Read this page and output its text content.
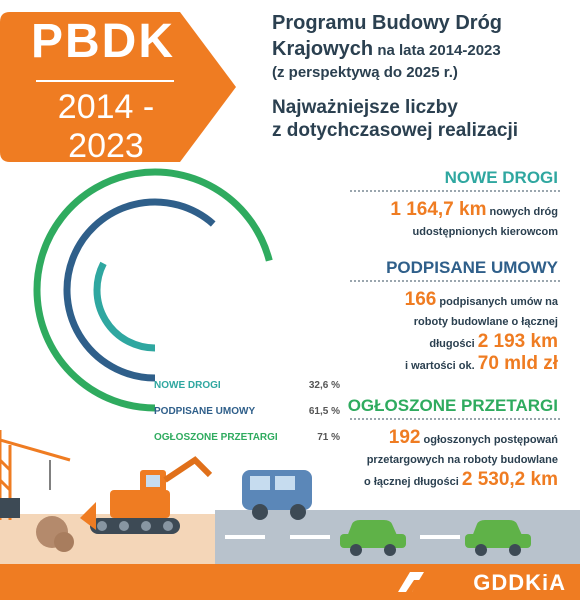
PBDK
2014 - 2023
Programu Budowy Dróg
Krajowych na lata 2014-2023
(z perspektywą do 2025 r.)
Najważniejsze liczby
z dotychczasowej realizacji
NOWE DROGI
1 164,7 km nowych dróg
udostępnionych kierowcom
PODPISANE UMOWY
166 podpisanych umów na
roboty budowlane o łącznej
długości 2 193 km
i wartości ok. 70 mld zł
OGŁOSZONE PRZETARGI
192 ogłoszonych postępowań
przetargowych na roboty budowlane
o łącznej długości 2 530,2 km
NOWE DROGI	32,6 %
PODPISANE UMOWY	61,5 %
OGŁOSZONE PRZETARGI	71 %
GDDKiA
